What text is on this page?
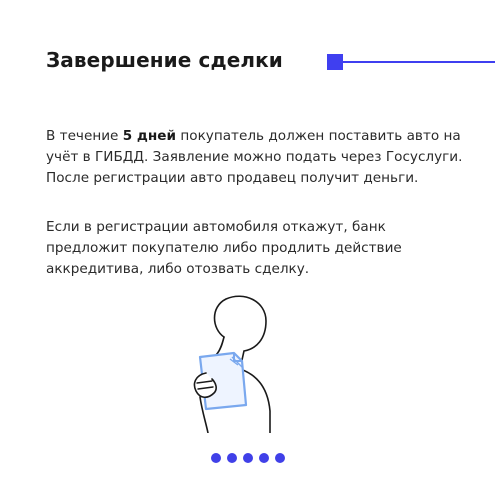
Завершение сделки
В течение 5 дней покупатель должен поставить авто на учёт в ГИБДД. Заявление можно подать через Госуслуги. После регистрации авто продавец получит деньги.
Если в регистрации автомобиля откажут, банк предложит покупателю либо продлить действие аккредитива, либо отозвать сделку.
